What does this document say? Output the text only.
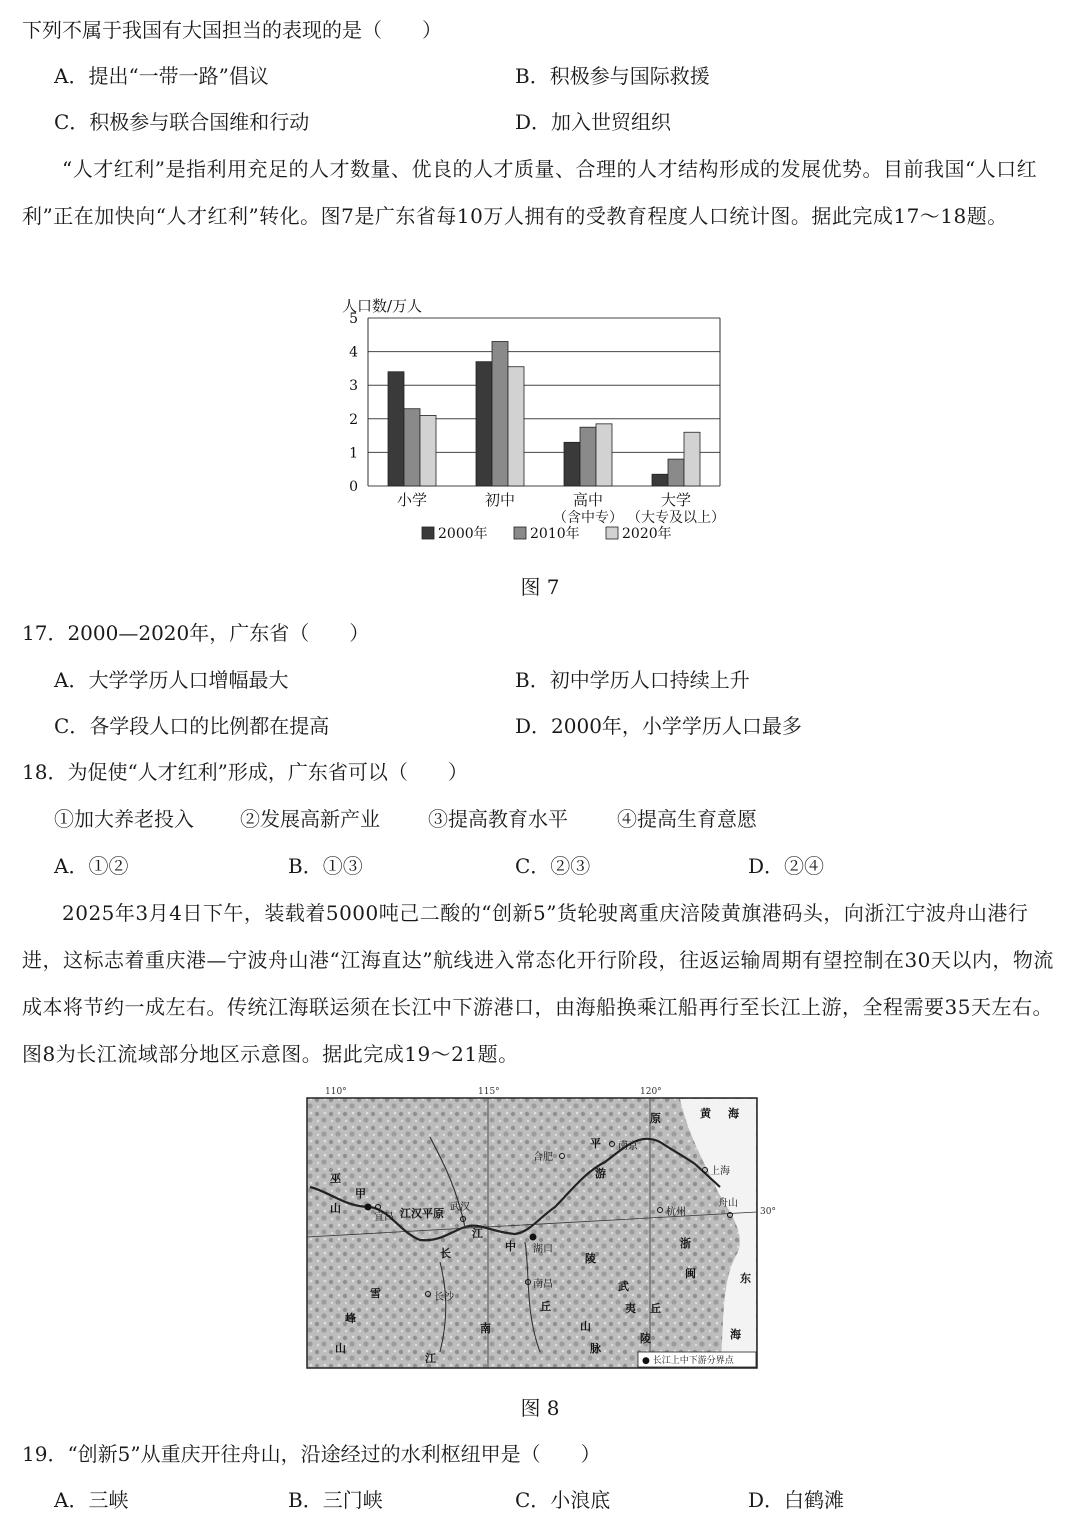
下列不属于我国有大国担当的表现的是（　　）
A．提出“一带一路”倡议	B．积极参与国际救援
C．积极参与联合国维和行动	D．加入世贸组织
“人才红利”是指利用充足的人才数量、优良的人才质量、合理的人才结构形成的发展优势。目前我国“人口红利”正在加快向“人才红利”转化。图7是广东省每10万人拥有的受教育程度人口统计图。据此完成17～18题。
人口数/万人
0
1
2
3
4
5
小学	初中	高中
（含中专）
大学
（大专及以上）
2000年	2010年	2020年
图 7
17．2000—2020年，广东省（　　）
A．大学学历人口增幅最大	B．初中学历人口持续上升
C．各学段人口的比例都在提高	D．2000年，小学学历人口最多
18．为促使“人才红利”形成，广东省可以（　　）
①加大养老投入 ②发展高新产业 ③提高教育水平 ④提高生育意愿
A．①②	B．①③	C．②③	D．②④
2025年3月4日下午，装载着5000吨己二酸的“创新5”货轮驶离重庆涪陵黄旗港码头，向浙江宁波舟山港行进，这标志着重庆港—宁波舟山港“江海直达”航线进入常态化开行阶段，往返运输周期有望控制在30天以内，物流成本将节约一成左右。传统江海联运须在长江中下游港口，由海船换乘江船再行至长江上游，全程需要35天左右。图8为长江流域部分地区示意图。据此完成19～21题。
110°	115°	120°
30°
宜昌
武汉
合肥
南京
上海
杭州
舟山
湖口
南昌
长沙
江汉平原
黄 海
东
海
巫
山
雪
峰
山
南
江
丘
陵
武
夷
山
脉
浙
闽
丘
陵
平
原
游
江
中
长
甲
● 长江上中下游分界点
图 8
19．“创新5”从重庆开往舟山，沿途经过的水利枢纽甲是（　　）
A．三峡	B．三门峡	C．小浪底	D．白鹤滩
